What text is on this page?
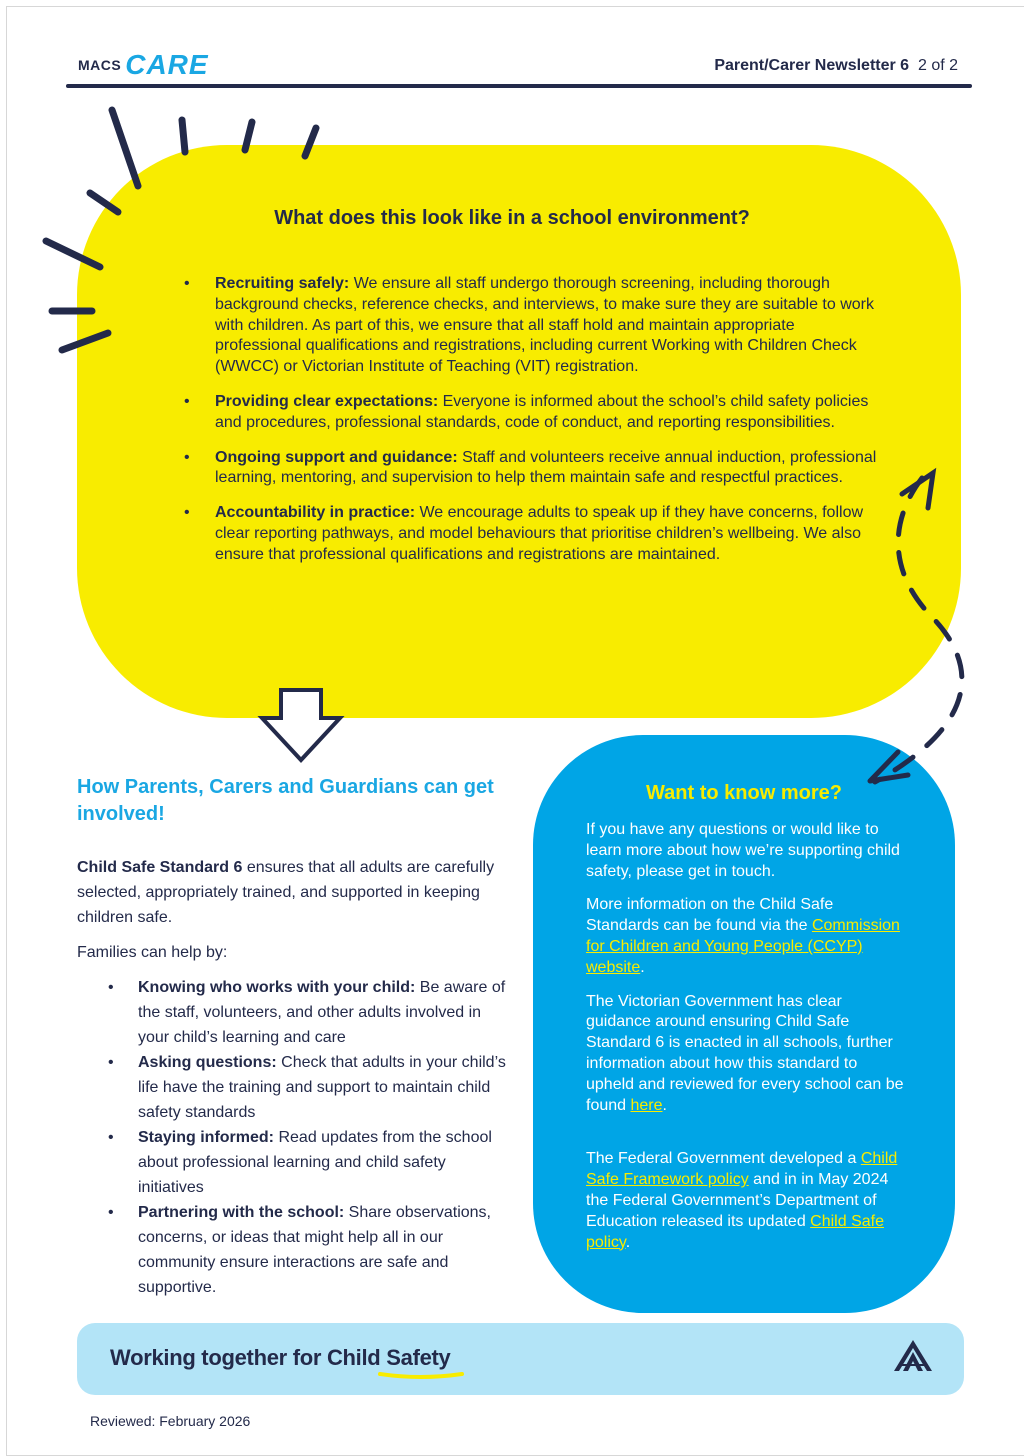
MACS CARE	Parent/Carer Newsletter 6 2 of 2
What does this look like in a school environment?
• Recruiting safely: We ensure all staff undergo thorough screening, including thorough background checks, reference checks, and interviews, to make sure they are suitable to work with children. As part of this, we ensure that all staff hold and maintain appropriate professional qualifications and registrations, including current Working with Children Check (WWCC) or Victorian Institute of Teaching (VIT) registration.
• Providing clear expectations: Everyone is informed about the school’s child safety policies and procedures, professional standards, code of conduct, and reporting responsibilities.
• Ongoing support and guidance: Staff and volunteers receive annual induction, professional learning, mentoring, and supervision to help them maintain safe and respectful practices.
• Accountability in practice: We encourage adults to speak up if they have concerns, follow clear reporting pathways, and model behaviours that prioritise children’s wellbeing. We also ensure that professional qualifications and registrations are maintained.
Want to know more?

If you have any questions or would like to learn more about how we’re supporting child safety, please get in touch.

More information on the Child Safe Standards can be found via the Commission for Children and Young People (CCYP) website.

The Victorian Government has clear guidance around ensuring Child Safe Standard 6 is enacted in all schools, further information about how this standard to upheld and reviewed for every school can be found here.

The Federal Government developed a Child Safe Framework policy and in in May 2024 the Federal Government’s Department of Education released its updated Child Safe policy.

How Parents, Carers and Guardians can get involved!
Child Safe Standard 6 ensures that all adults are carefully selected, appropriately trained, and supported in keeping children safe.
Families can help by:
• Knowing who works with your child: Be aware of the staff, volunteers, and other adults involved in your child’s learning and care
• Asking questions: Check that adults in your child’s life have the training and support to maintain child safety standards
• Staying informed: Read updates from the school about professional learning and child safety initiatives
• Partnering with the school: Share observations, concerns, or ideas that might help all in our community ensure interactions are safe and supportive.
Working together for Child Safety
Reviewed: February 2026
